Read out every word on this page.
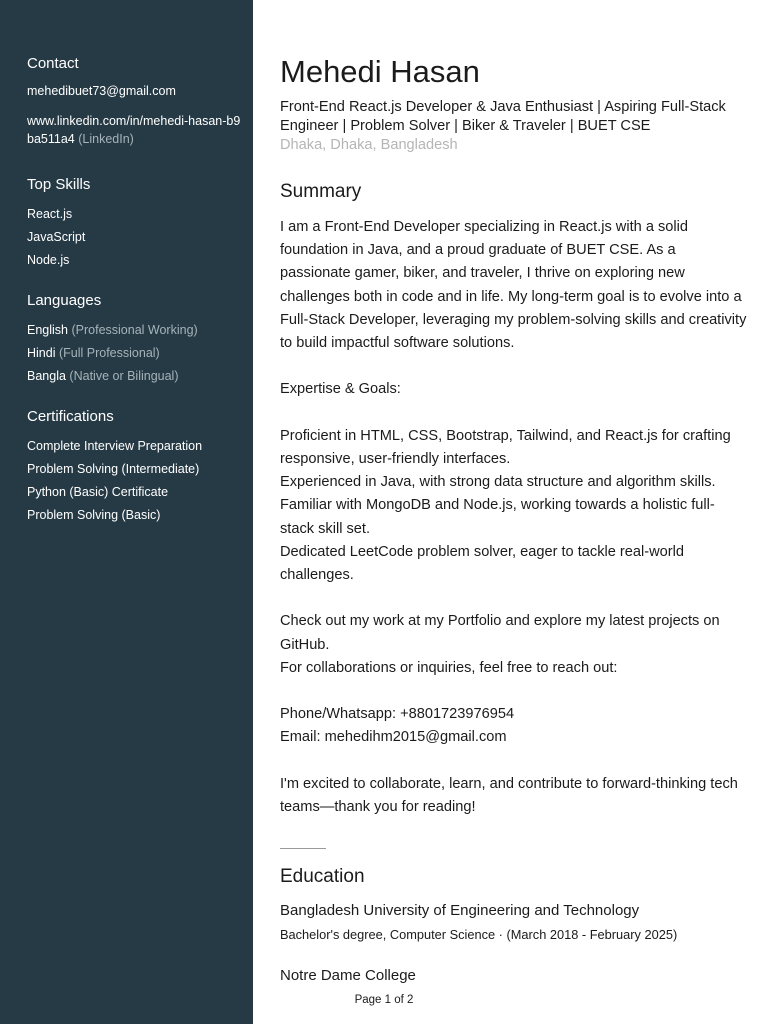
Contact
mehedibuet73@gmail.com
www.linkedin.com/in/mehedi-hasan-b9ba511a4 (LinkedIn)
Top Skills
React.js
JavaScript
Node.js
Languages
English (Professional Working)
Hindi (Full Professional)
Bangla (Native or Bilingual)
Certifications
Complete Interview Preparation
Problem Solving (Intermediate)
Python (Basic) Certificate
Problem Solving (Basic)
Mehedi Hasan
Front-End React.js Developer & Java Enthusiast | Aspiring Full-Stack Engineer | Problem Solver | Biker & Traveler | BUET CSE
Dhaka, Dhaka, Bangladesh
Summary

I am a Front-End Developer specializing in React.js with a solid foundation in Java, and a proud graduate of BUET CSE. As a passionate gamer, biker, and traveler, I thrive on exploring new challenges both in code and in life. My long-term goal is to evolve into a Full-Stack Developer, leveraging my problem-solving skills and creativity to build impactful software solutions.

Expertise & Goals:

Proficient in HTML, CSS, Bootstrap, Tailwind, and React.js for crafting responsive, user-friendly interfaces.

Experienced in Java, with strong data structure and algorithm skills.

Familiar with MongoDB and Node.js, working towards a holistic full-stack skill set.

Dedicated LeetCode problem solver, eager to tackle real-world challenges.

Check out my work at my Portfolio and explore my latest projects on GitHub.

For collaborations or inquiries, feel free to reach out:

Phone/Whatsapp: +8801723976954

Email: mehedihm2015@gmail.com

I'm excited to collaborate, learn, and contribute to forward-thinking tech teams—thank you for reading!

Education
Bangladesh University of Engineering and Technology
Bachelor's degree, Computer Science · (March 2018 - February 2025)
Notre Dame College
Page 1 of 2
